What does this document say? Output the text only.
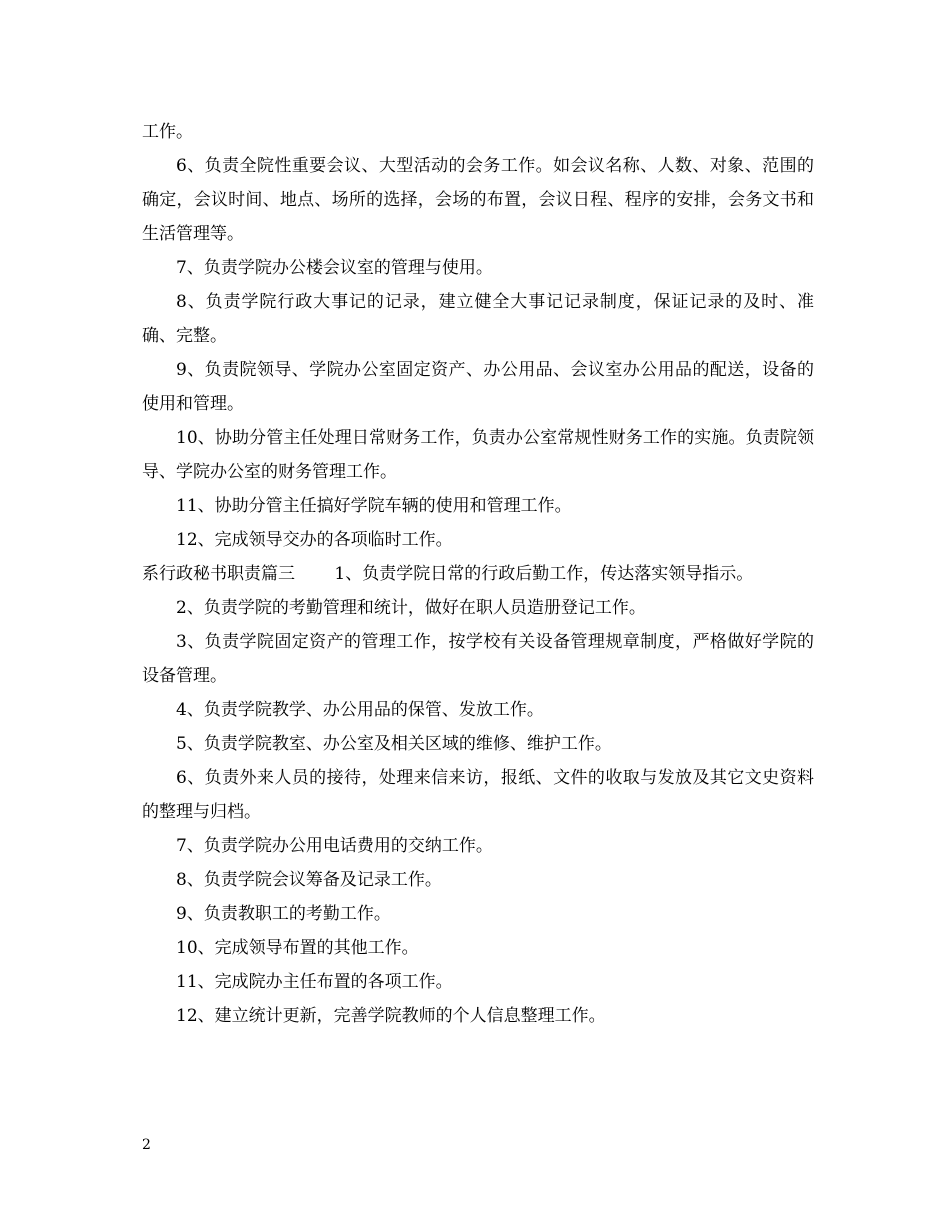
工作。

6、负责全院性重要会议、大型活动的会务工作。如会议名称、人数、对象、范围的确定，会议时间、地点、场所的选择，会场的布置，会议日程、程序的安排，会务文书和生活管理等。

7、负责学院办公楼会议室的管理与使用。

8、负责学院行政大事记的记录，建立健全大事记记录制度，保证记录的及时、准确、完整。

9、负责院领导、学院办公室固定资产、办公用品、会议室办公用品的配送，设备的使用和管理。

10、协助分管主任处理日常财务工作，负责办公室常规性财务工作的实施。负责院领导、学院办公室的财务管理工作。

11、协助分管主任搞好学院车辆的使用和管理工作。

12、完成领导交办的各项临时工作。

系行政秘书职责篇三　　 1、负责学院日常的行政后勤工作，传达落实领导指示。

2、负责学院的考勤管理和统计，做好在职人员造册登记工作。

3、负责学院固定资产的管理工作，按学校有关设备管理规章制度，严格做好学院的设备管理。

4、负责学院教学、办公用品的保管、发放工作。

5、负责学院教室、办公室及相关区域的维修、维护工作。

6、负责外来人员的接待，处理来信来访，报纸、文件的收取与发放及其它文史资料的整理与归档。

7、负责学院办公用电话费用的交纳工作。

8、负责学院会议筹备及记录工作。

9、负责教职工的考勤工作。

10、完成领导布置的其他工作。

11、完成院办主任布置的各项工作。

12、建立统计更新，完善学院教师的个人信息整理工作。

2
